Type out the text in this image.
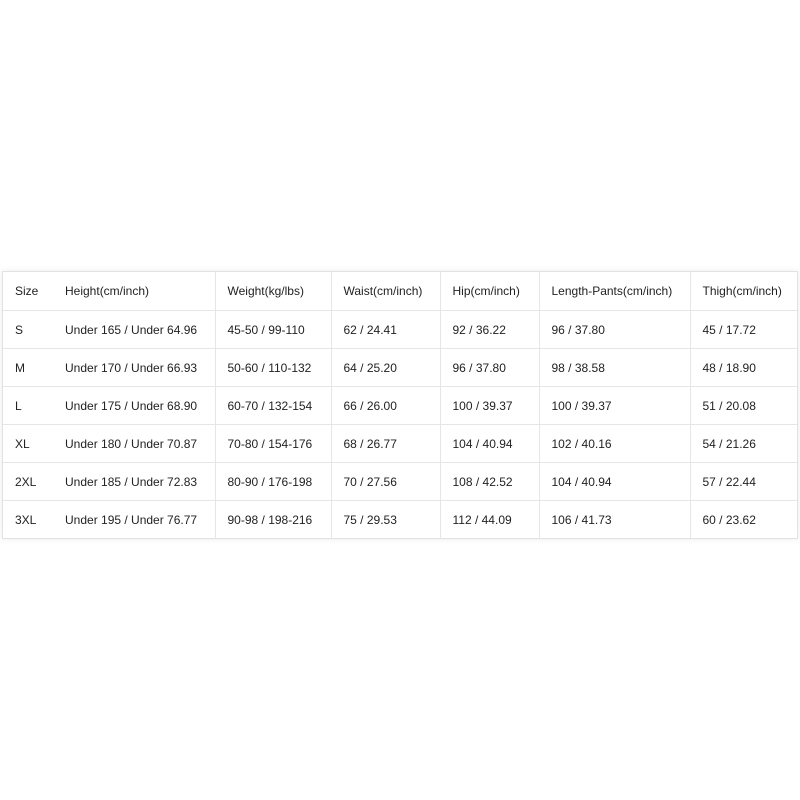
Size	Height(cm/inch)	Weight(kg/lbs)	Waist(cm/inch)	Hip(cm/inch)	Length-Pants(cm/inch)	Thigh(cm/inch)
S	Under 165 / Under 64.96	45-50 / 99-110	62 / 24.41	92 / 36.22	96 / 37.80	45 / 17.72
M	Under 170 / Under 66.93	50-60 / 110-132	64 / 25.20	96 / 37.80	98 / 38.58	48 / 18.90
L	Under 175 / Under 68.90	60-70 / 132-154	66 / 26.00	100 / 39.37	100 / 39.37	51 / 20.08
XL	Under 180 / Under 70.87	70-80 / 154-176	68 / 26.77	104 / 40.94	102 / 40.16	54 / 21.26
2XL	Under 185 / Under 72.83	80-90 / 176-198	70 / 27.56	108 / 42.52	104 / 40.94	57 / 22.44
3XL	Under 195 / Under 76.77	90-98 / 198-216	75 / 29.53	112 / 44.09	106 / 41.73	60 / 23.62
